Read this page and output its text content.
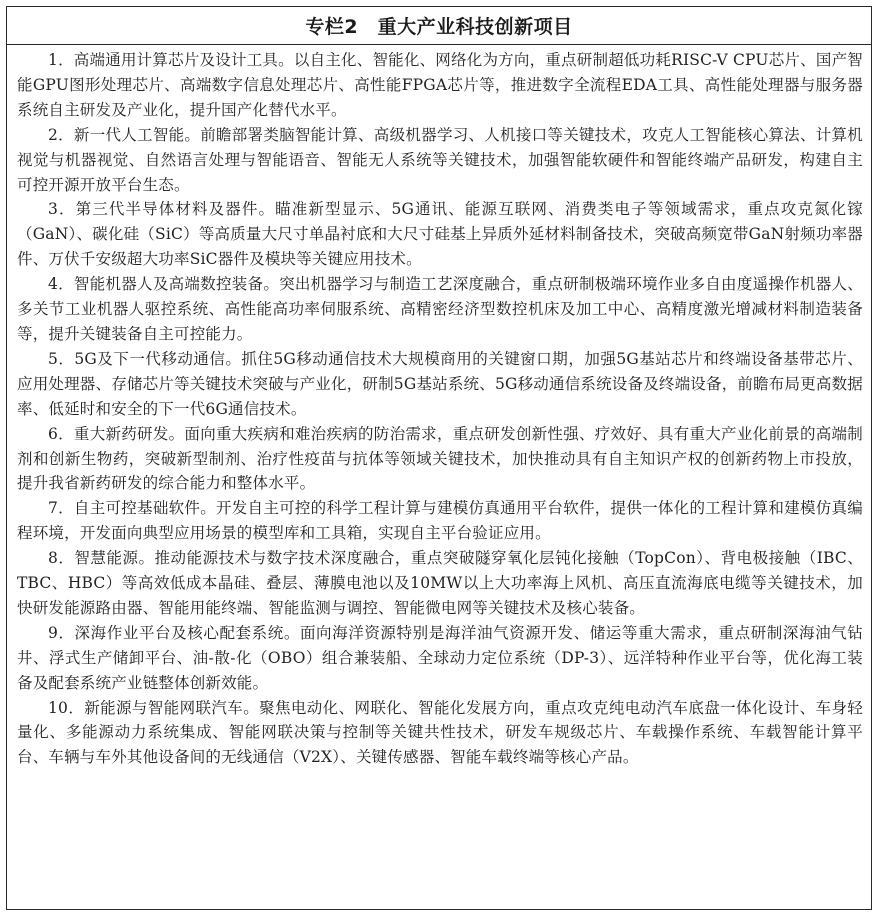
专栏2　重大产业科技创新项目

1．高端通用计算芯片及设计工具。以自主化、智能化、网络化为方向，重点研制超低功耗RISC-V CPU芯片、国产智能GPU图形处理芯片、高端数字信息处理芯片、高性能FPGA芯片等，推进数字全流程EDA工具、高性能处理器与服务器系统自主研发及产业化，提升国产化替代水平。

2．新一代人工智能。前瞻部署类脑智能计算、高级机器学习、人机接口等关键技术，攻克人工智能核心算法、计算机视觉与机器视觉、自然语言处理与智能语音、智能无人系统等关键技术，加强智能软硬件和智能终端产品研发，构建自主可控开源开放平台生态。

3．第三代半导体材料及器件。瞄准新型显示、5G通讯、能源互联网、消费类电子等领域需求，重点攻克氮化镓（GaN）、碳化硅（SiC）等高质量大尺寸单晶衬底和大尺寸硅基上异质外延材料制备技术，突破高频宽带GaN射频功率器件、万伏千安级超大功率SiC器件及模块等关键应用技术。

4．智能机器人及高端数控装备。突出机器学习与制造工艺深度融合，重点研制极端环境作业多自由度遥操作机器人、多关节工业机器人驱控系统、高性能高功率伺服系统、高精密经济型数控机床及加工中心、高精度激光增减材料制造装备等，提升关键装备自主可控能力。

5．5G及下一代移动通信。抓住5G移动通信技术大规模商用的关键窗口期，加强5G基站芯片和终端设备基带芯片、应用处理器、存储芯片等关键技术突破与产业化，研制5G基站系统、5G移动通信系统设备及终端设备，前瞻布局更高数据率、低延时和安全的下一代6G通信技术。

6．重大新药研发。面向重大疾病和难治疾病的防治需求，重点研发创新性强、疗效好、具有重大产业化前景的高端制剂和创新生物药，突破新型制剂、治疗性疫苗与抗体等领域关键技术，加快推动具有自主知识产权的创新药物上市投放，提升我省新药研发的综合能力和整体水平。

7．自主可控基础软件。开发自主可控的科学工程计算与建模仿真通用平台软件，提供一体化的工程计算和建模仿真编程环境，开发面向典型应用场景的模型库和工具箱，实现自主平台验证应用。

8．智慧能源。推动能源技术与数字技术深度融合，重点突破隧穿氧化层钝化接触（TopCon）、背电极接触（IBC、TBC、HBC）等高效低成本晶硅、叠层、薄膜电池以及10MW以上大功率海上风机、高压直流海底电缆等关键技术，加快研发能源路由器、智能用能终端、智能监测与调控、智能微电网等关键技术及核心装备。

9．深海作业平台及核心配套系统。面向海洋资源特别是海洋油气资源开发、储运等重大需求，重点研制深海油气钻井、浮式生产储卸平台、油-散-化（OBO）组合兼装船、全球动力定位系统（DP-3）、远洋特种作业平台等，优化海工装备及配套系统产业链整体创新效能。

10．新能源与智能网联汽车。聚焦电动化、网联化、智能化发展方向，重点攻克纯电动汽车底盘一体化设计、车身轻量化、多能源动力系统集成、智能网联决策与控制等关键共性技术，研发车规级芯片、车载操作系统、车载智能计算平台、车辆与车外其他设备间的无线通信（V2X）、关键传感器、智能车载终端等核心产品。
